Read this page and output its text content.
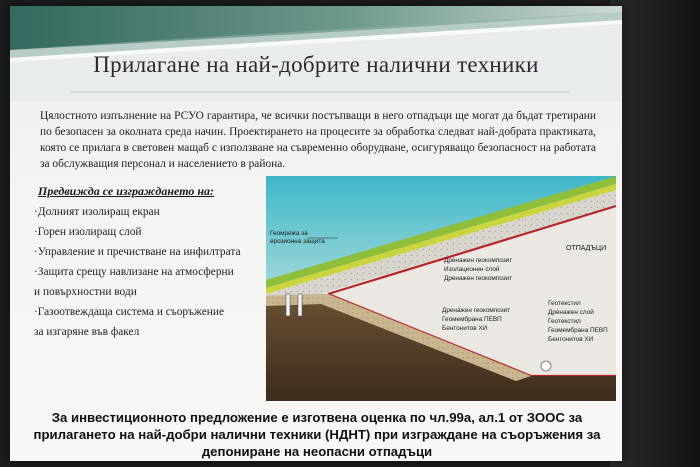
Прилагане на най-добрите налични техники
Цялостното изпълнение на РСУО гарантира, че всички постъпващи в него отпадъци ще могат да бъдат третирани по безопасен за околната среда начин. Проектирането на процесите за обработка следват най-добрата практиката, която се прилага в световен мащаб с използване на съвременно оборудване, осигуряващо безопасност на работата за обслужващия персонал и населението в района.
Предвижда се изграждането на:
·Долният изолиращ екран
·Горен изолиращ слой
·Управление и пречистване на инфилтрата
·Защита срещу навлизане на атмосферни
и повърхностни води
·Газоотвеждаща система и съоръжение
за изгаряне във факел
Геомрежа за
ерозионна защита
ОТПАДЪЦИ
Дренажен геокомпозит
Изолационен слой
Дренажен геокомпозит
Дренажен геокомпозит
Геомембрана ПЕВП
Бентонитов ХИ
Геотекстил
Дренажен слой
Геотекстил
Геомембрана ПЕВП
Бентонитов ХИ
За инвестиционното предложение е изготвена оценка по чл.99а, ал.1 от ЗООС за
прилагането на най-добри налични техники (НДНТ) при изграждане на съоръжения за
депониране на неопасни отпадъци
